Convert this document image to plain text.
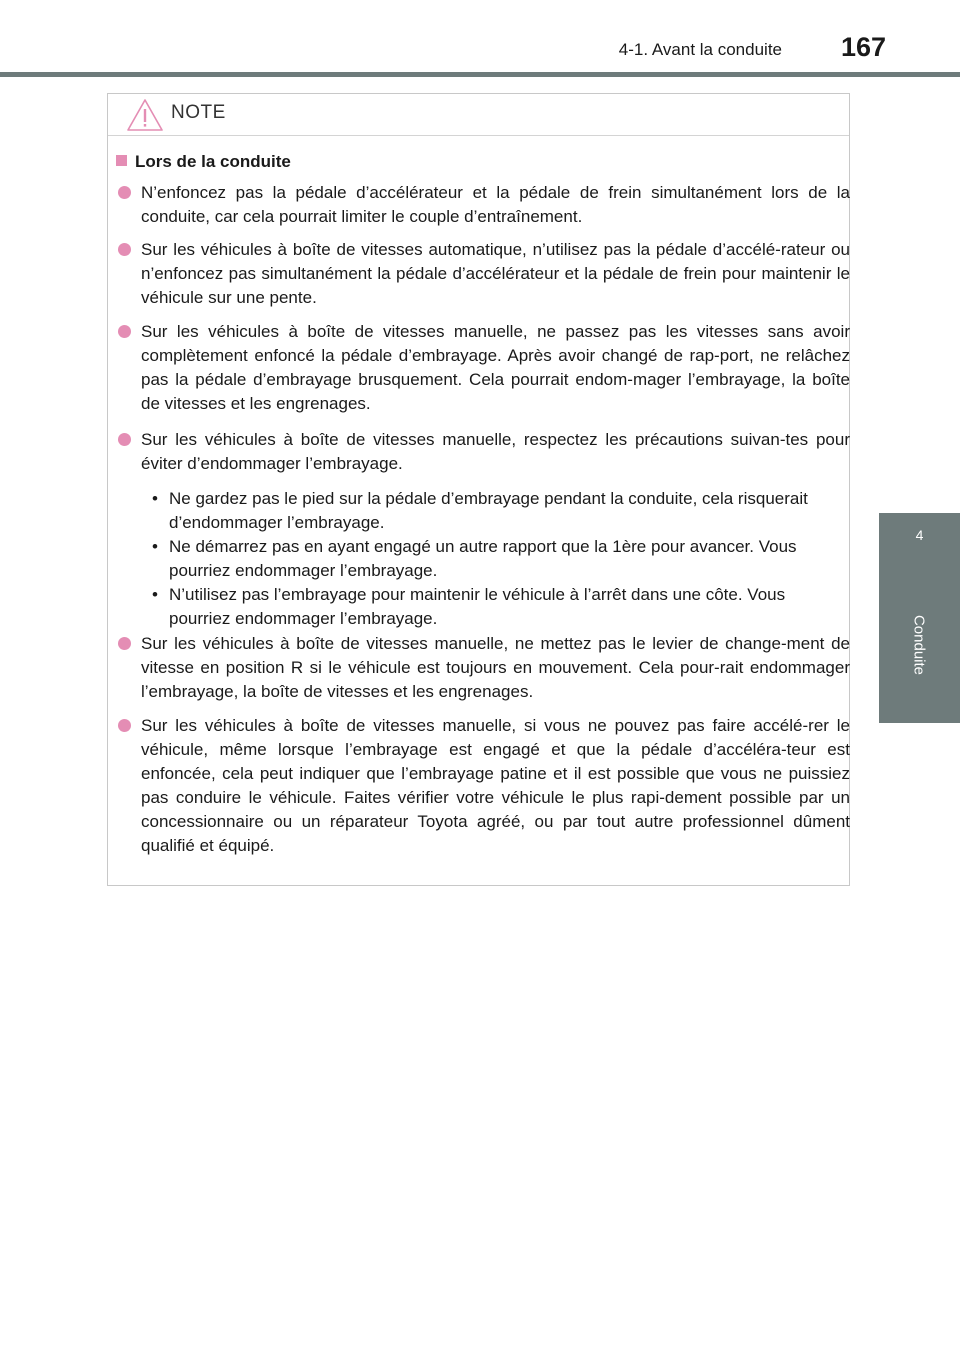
4-1. Avant la conduite	167
4
Conduite
NOTE
Lors de la conduite
N’enfoncez pas la pédale d’accélérateur et la pédale de frein simultanément lors de la conduite, car cela pourrait limiter le couple d’entraînement.
Sur les véhicules à boîte de vitesses automatique, n’utilisez pas la pédale d’accélé-rateur ou n’enfoncez pas simultanément la pédale d’accélérateur et la pédale de frein pour maintenir le véhicule sur une pente.
Sur les véhicules à boîte de vitesses manuelle, ne passez pas les vitesses sans avoir complètement enfoncé la pédale d’embrayage. Après avoir changé de rap-port, ne relâchez pas la pédale d’embrayage brusquement. Cela pourrait endom-mager l’embrayage, la boîte de vitesses et les engrenages.
Sur les véhicules à boîte de vitesses manuelle, respectez les précautions suivan-tes pour éviter d’endommager l’embrayage.
• Ne gardez pas le pied sur la pédale d’embrayage pendant la conduite, cela risquerait d’endommager l’embrayage.
• Ne démarrez pas en ayant engagé un autre rapport que la 1ère pour avancer. Vous pourriez endommager l’embrayage.
• N’utilisez pas l’embrayage pour maintenir le véhicule à l’arrêt dans une côte. Vous pourriez endommager l’embrayage.
Sur les véhicules à boîte de vitesses manuelle, ne mettez pas le levier de change-ment de vitesse en position R si le véhicule est toujours en mouvement. Cela pour-rait endommager l’embrayage, la boîte de vitesses et les engrenages.
Sur les véhicules à boîte de vitesses manuelle, si vous ne pouvez pas faire accélé-rer le véhicule, même lorsque l’embrayage est engagé et que la pédale d’accéléra-teur est enfoncée, cela peut indiquer que l’embrayage patine et il est possible que vous ne puissiez pas conduire le véhicule. Faites vérifier votre véhicule le plus rapi-dement possible par un concessionnaire ou un réparateur Toyota agréé, ou par tout autre professionnel dûment qualifié et équipé.
